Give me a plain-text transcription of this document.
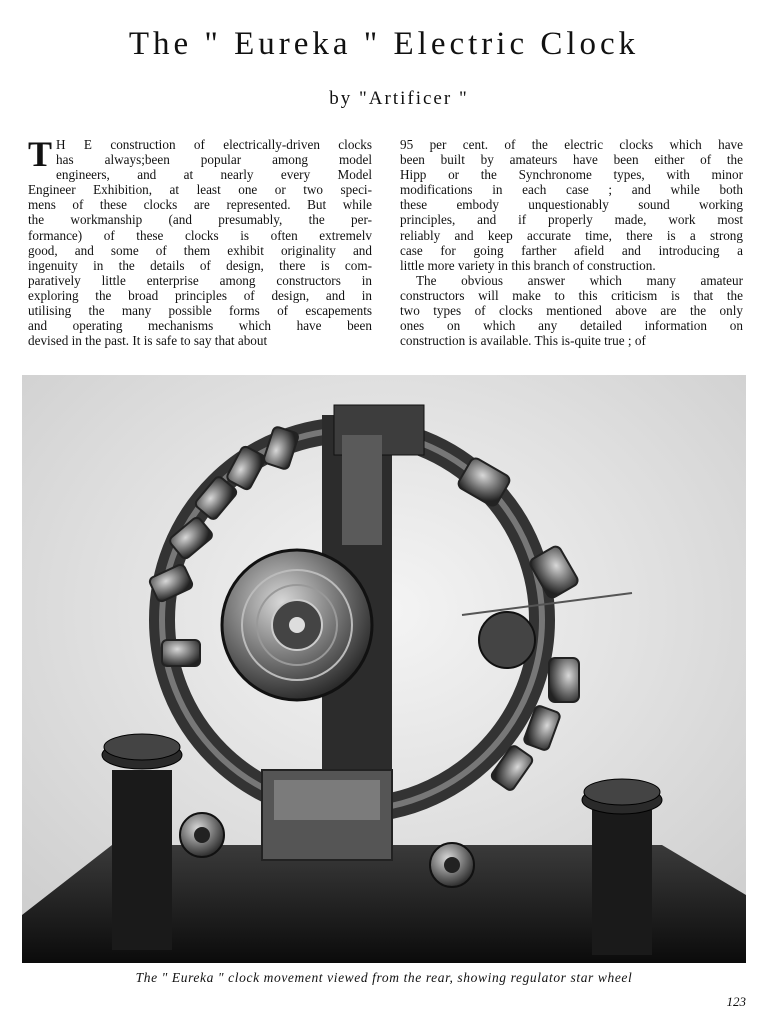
The " Eureka " Electric Clock
by "Artificer "
T H E construction of electrically-driven clocks
has always;been popular among model
engineers, and at nearly every Model
Engineer Exhibition, at least one or two speci-
mens of these clocks are represented. But while
the workmanship (and presumably, the per-
formance) of these clocks is often extremelv
good, and some of them exhibit originality and
ingenuity in the details of design, there is com-
paratively little enterprise among constructors in
exploring the broad principles of design, and in
utilising the many possible forms of escapements
and operating mechanisms which have been
devised in the past. It is safe to say that about
95 per cent. of the electric clocks which have
been built by amateurs have been either of the
Hipp or the Synchronome types, with minor
modifications in each case ; and while both
these embody unquestionably sound working
principles, and if properly made, work most
reliably and keep accurate time, there is a strong
case for going farther afield and introducing a
little more variety in this branch of construction.
The obvious answer which many amateur
constructors will make to this criticism is that the
two types of clocks mentioned above are the only
ones on which any detailed information on
construction is available. This is-quite true ; of
The " Eureka " clock movement viewed from the rear, showing regulator star wheel
123
